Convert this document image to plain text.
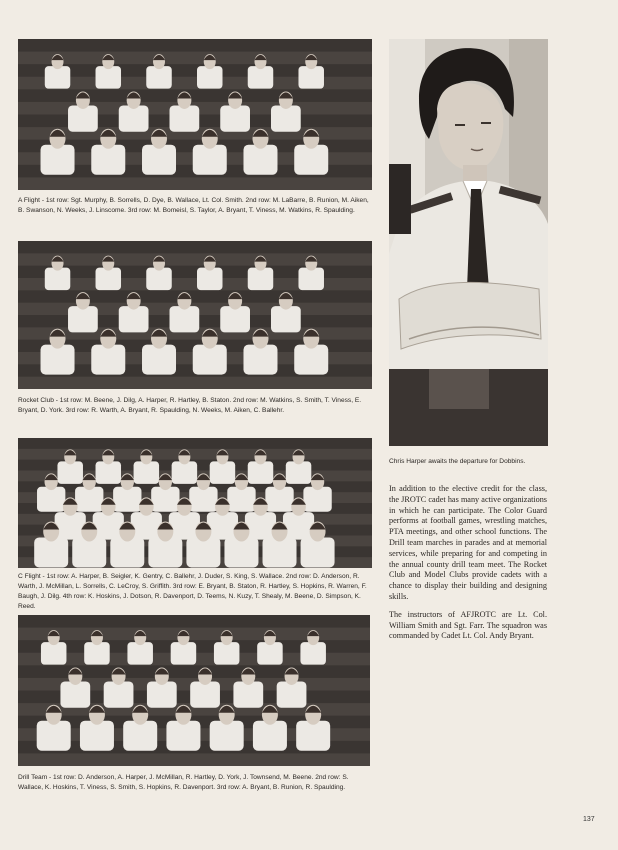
A Flight - 1st row: Sgt. Murphy, B. Sorrells, D. Dye, B. Wallace, Lt. Col. Smith. 2nd row: M. LaBarre, B. Runion, M. Aiken, B. Swanson, N. Weeks, J. Linscome. 3rd row: M. Bomeisl, S. Taylor, A. Bryant, T. Viness, M. Watkins, R. Spaulding.
Rocket Club - 1st row: M. Beene, J. Dilg, A. Harper, R. Hartley, B. Staton. 2nd row: M. Watkins, S. Smith, T. Viness, E. Bryant, D. York. 3rd row: R. Warth, A. Bryant, R. Spaulding, N. Weeks, M. Aiken, C. Ballehr.
C Flight - 1st row: A. Harper, B. Seigler, K. Gentry, C. Ballehr, J. Duder, S. King, S. Wallace. 2nd row: D. Anderson, R. Warth, J. McMillan, L. Sorrells, C. LeCroy, S. Griffith. 3rd row: E. Bryant, B. Staton, R. Hartley, S. Hopkins, R. Warren, F. Baugh, J. Dilg. 4th row: K. Hoskins, J. Dotson, R. Davenport, D. Teems, N. Kuzy, T. Shealy, M. Beene, D. Simpson, K. Reed.
Drill Team - 1st row: D. Anderson, A. Harper, J. McMillan, R. Hartley, D. York, J. Townsend, M. Beene. 2nd row: S. Wallace, K. Hoskins, T. Viness, S. Smith, S. Hopkins, R. Davenport. 3rd row: A. Bryant, B. Runion, R. Spaulding.
Chris Harper awaits the departure for Dobbins.

In addition to the elective credit for the class, the JROTC cadet has many active organizations in which he can participate. The Color Guard performs at football games, wrestling matches, PTA meetings, and other school functions. The Drill team marches in parades and at memorial services, while preparing for and competing in the annual county drill team meet. The Rocket Club and Model Clubs provide cadets with a chance to display their building and designing skills.

The instructors of AFJROTC are Lt. Col. William Smith and Sgt. Farr. The squadron was commanded by Cadet Lt. Col. Andy Bryant.

137
